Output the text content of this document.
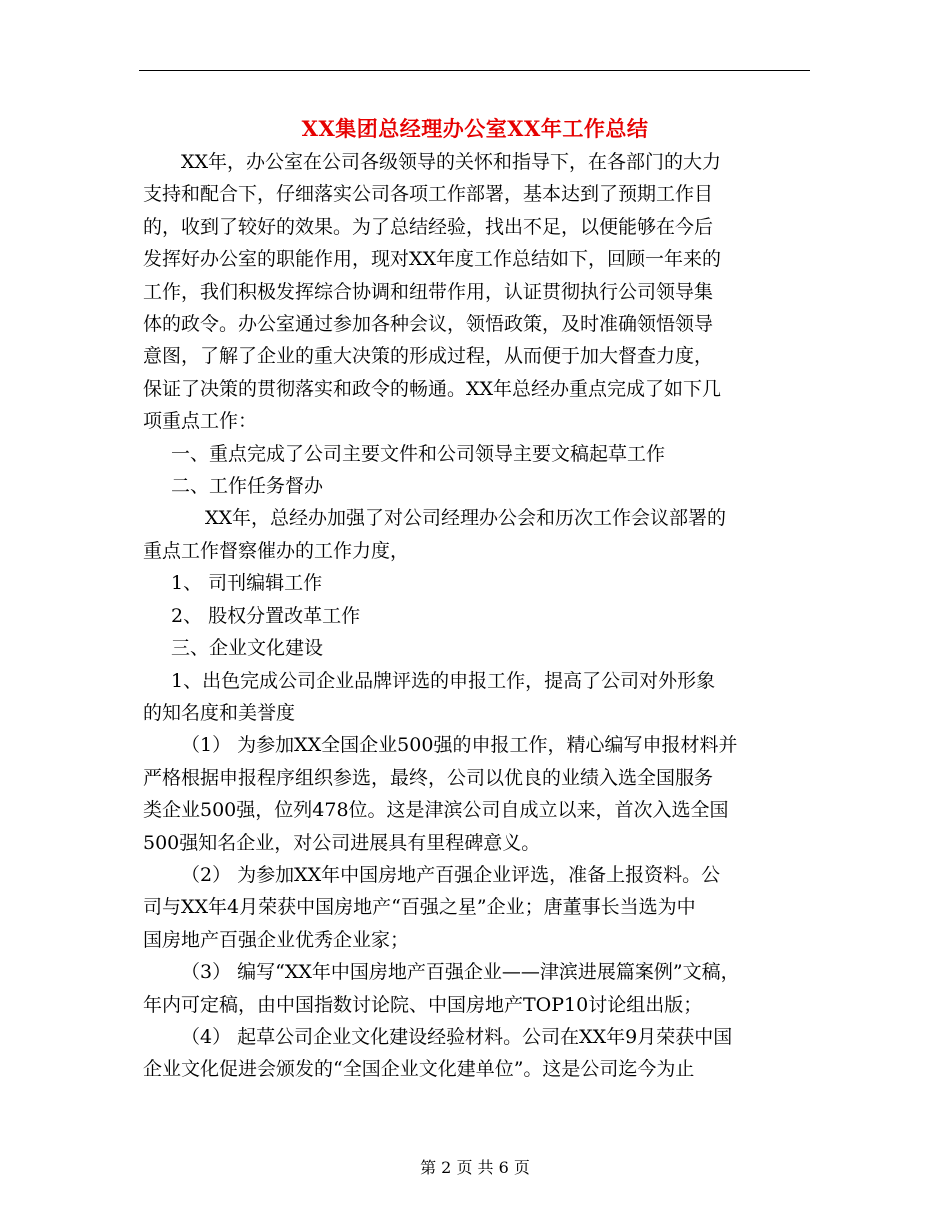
XX集团总经理办公室XX年工作总结

XX年，办公室在公司各级领导的关怀和指导下，在各部门的大力

支持和配合下，仔细落实公司各项工作部署，基本达到了预期工作目

的，收到了较好的效果。为了总结经验，找出不足，以便能够在今后

发挥好办公室的职能作用，现对XX年度工作总结如下，回顾一年来的

工作，我们积极发挥综合协调和纽带作用，认证贯彻执行公司领导集

体的政令。办公室通过参加各种会议，领悟政策，及时准确领悟领导

意图，了解了企业的重大决策的形成过程，从而便于加大督查力度，

保证了决策的贯彻落实和政令的畅通。XX年总经办重点完成了如下几

项重点工作：

一、重点完成了公司主要文件和公司领导主要文稿起草工作

二、工作任务督办

XX年，总经办加强了对公司经理办公会和历次工作会议部署的

重点工作督察催办的工作力度，

1、 司刊编辑工作

2、 股权分置改革工作

三、企业文化建设

1、出色完成公司企业品牌评选的申报工作，提高了公司对外形象

的知名度和美誉度

（1） 为参加XX全国企业500强的申报工作，精心编写申报材料并

严格根据申报程序组织参选，最终，公司以优良的业绩入选全国服务

类企业500强，位列478位。这是津滨公司自成立以来，首次入选全国

500强知名企业，对公司进展具有里程碑意义。

（2） 为参加XX年中国房地产百强企业评选，准备上报资料。公

司与XX年4月荣获中国房地产“百强之星”企业；唐董事长当选为中

国房地产百强企业优秀企业家；

（3） 编写“XX年中国房地产百强企业——津滨进展篇案例”文稿，

年内可定稿，由中国指数讨论院、中国房地产TOP10讨论组出版；

（4） 起草公司企业文化建设经验材料。公司在XX年9月荣获中国

企业文化促进会颁发的“全国企业文化建单位”。这是公司迄今为止

第 2 页 共 6 页
